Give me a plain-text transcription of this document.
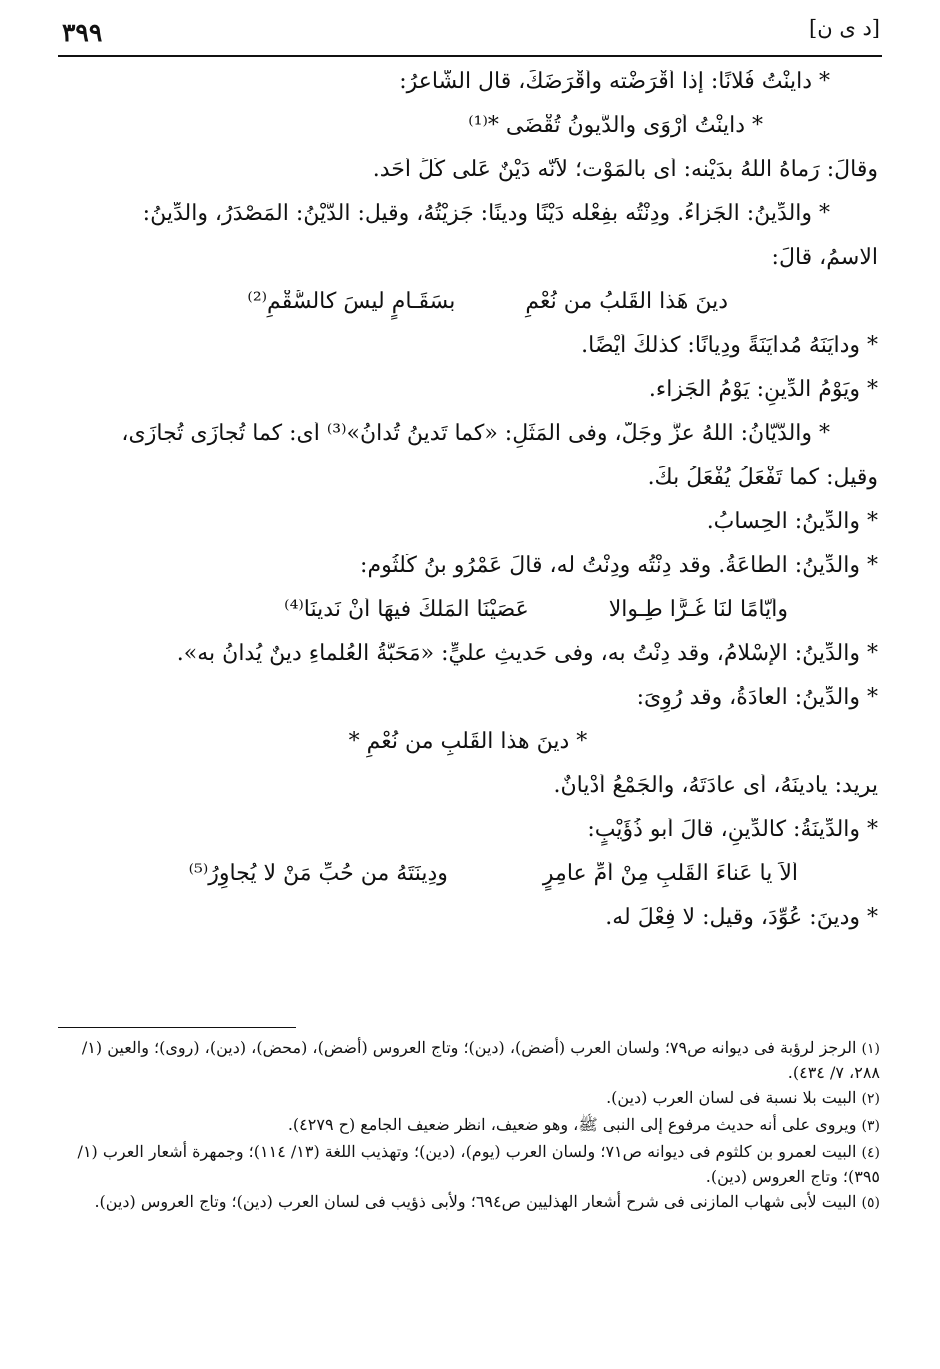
[د ى ن]
٣٩٩
* داينْتُ فُلانًا: إذا أَقْرَضْته وأَقْرَضَكَ، قال الشّاعرُ:
* داينْتُ أَرْوَى والدُّيونُ تُقْضَى *⁽¹⁾
وقالَ: رَماهُ اللهُ بدَيْنه: أى بالمَوْت؛ لأنَّه دَيْنٌ عَلَى كُلِّ أَحَد.
* والدِّينُ: الجَزاءُ. ودِنْتُه بفِعْله دَيْنًا ودينًا: جَزيْتُهُ، وقيل: الدَّيْنُ: المَصْدَرُ، والدِّينُ:
الاسمُ، قالَ:
دينَ هَذا القَلْبُ من نُعْمِ
بسَقَـامٍ ليسَ كالسُّقْمِ⁽²⁾
* ودايَنَهُ مُدايَنَةً ودِيانًا: كذلكَ أيْضًا.
* ويَوْمُ الدِّينِ: يَوْمُ الجَزاء.
* والدَّيّانُ: اللهُ عزَّ وجَلَّ، وفى المَثَلِ: «كما تَدينُ تُدانُ»⁽³⁾ أى: كما تُجازَى تُجازَى،
وقيل: كما تَفْعَلُ يُفْعَلُ بكَ.
* والدِّينُ: الحِسابُ.
* والدِّينُ: الطّاعَةُ. وقد دِنْتُه ودِنْتُ له، قالَ عَمْرُو بنُ كُلْثُوم:
وأيّامًا لَنَا غُـرًّا طِـوالا
عَصَيْنَا المَلْكَ فيهَا أَنْ نَدينَا⁽⁴⁾
* والدِّينُ: الإسْلامُ، وقد دِنْتُ به، وفى حَديثِ عليٍّ: «مَحَبَّةُ العُلَماءِ دينٌ يُدانُ به».
* والدِّينُ: العادَةُ، وقد رُوِىَ:
* دينَ هذا القَلْبِ من نُعْمِ *
يريد: يادينَهُ، أى عادَتَهُ، والجَمْعُ أَدْيانٌ.
* والدِّينَةُ: كالدِّينِ، قالَ أبو ذُؤَيْبٍ:
أَلاَ يا عَناءَ القَلْبِ مِنْ أُمِّ عامِرٍ
ودِينَتَهُ من حُبِّ مَنْ لا يُجاوِرُ⁽⁵⁾
* ودينَ: عُوِّدَ، وقيل: لا فِعْلَ له.
(١) الرجز لرؤبة فى ديوانه ص٧٩؛ ولسان العرب (أضض)، (دين)؛ وتاج العروس (أضض)، (محض)، (دين)، (روى)؛ والعين (١/ ٢٨٨، ٧/ ٤٣٤).
(٢) البيت بلا نسبة فى لسان العرب (دين).
(٣) ويروى على أنه حديث مرفوع إلى النبى ﷺ، وهو ضعيف، انظر ضعيف الجامع (ح ٤٢٧٩).
(٤) البيت لعمرو بن كلثوم فى ديوانه ص٧١؛ ولسان العرب (يوم)، (دين)؛ وتهذيب اللغة (١٣/ ١١٤)؛ وجمهرة أشعار العرب (١/ ٣٩٥)؛ وتاج العروس (دين).
(٥) البيت لأبى شهاب المازنى فى شرح أشعار الهذليين ص٦٩٤؛ ولأبى ذؤيب فى لسان العرب (دين)؛ وتاج العروس (دين).
